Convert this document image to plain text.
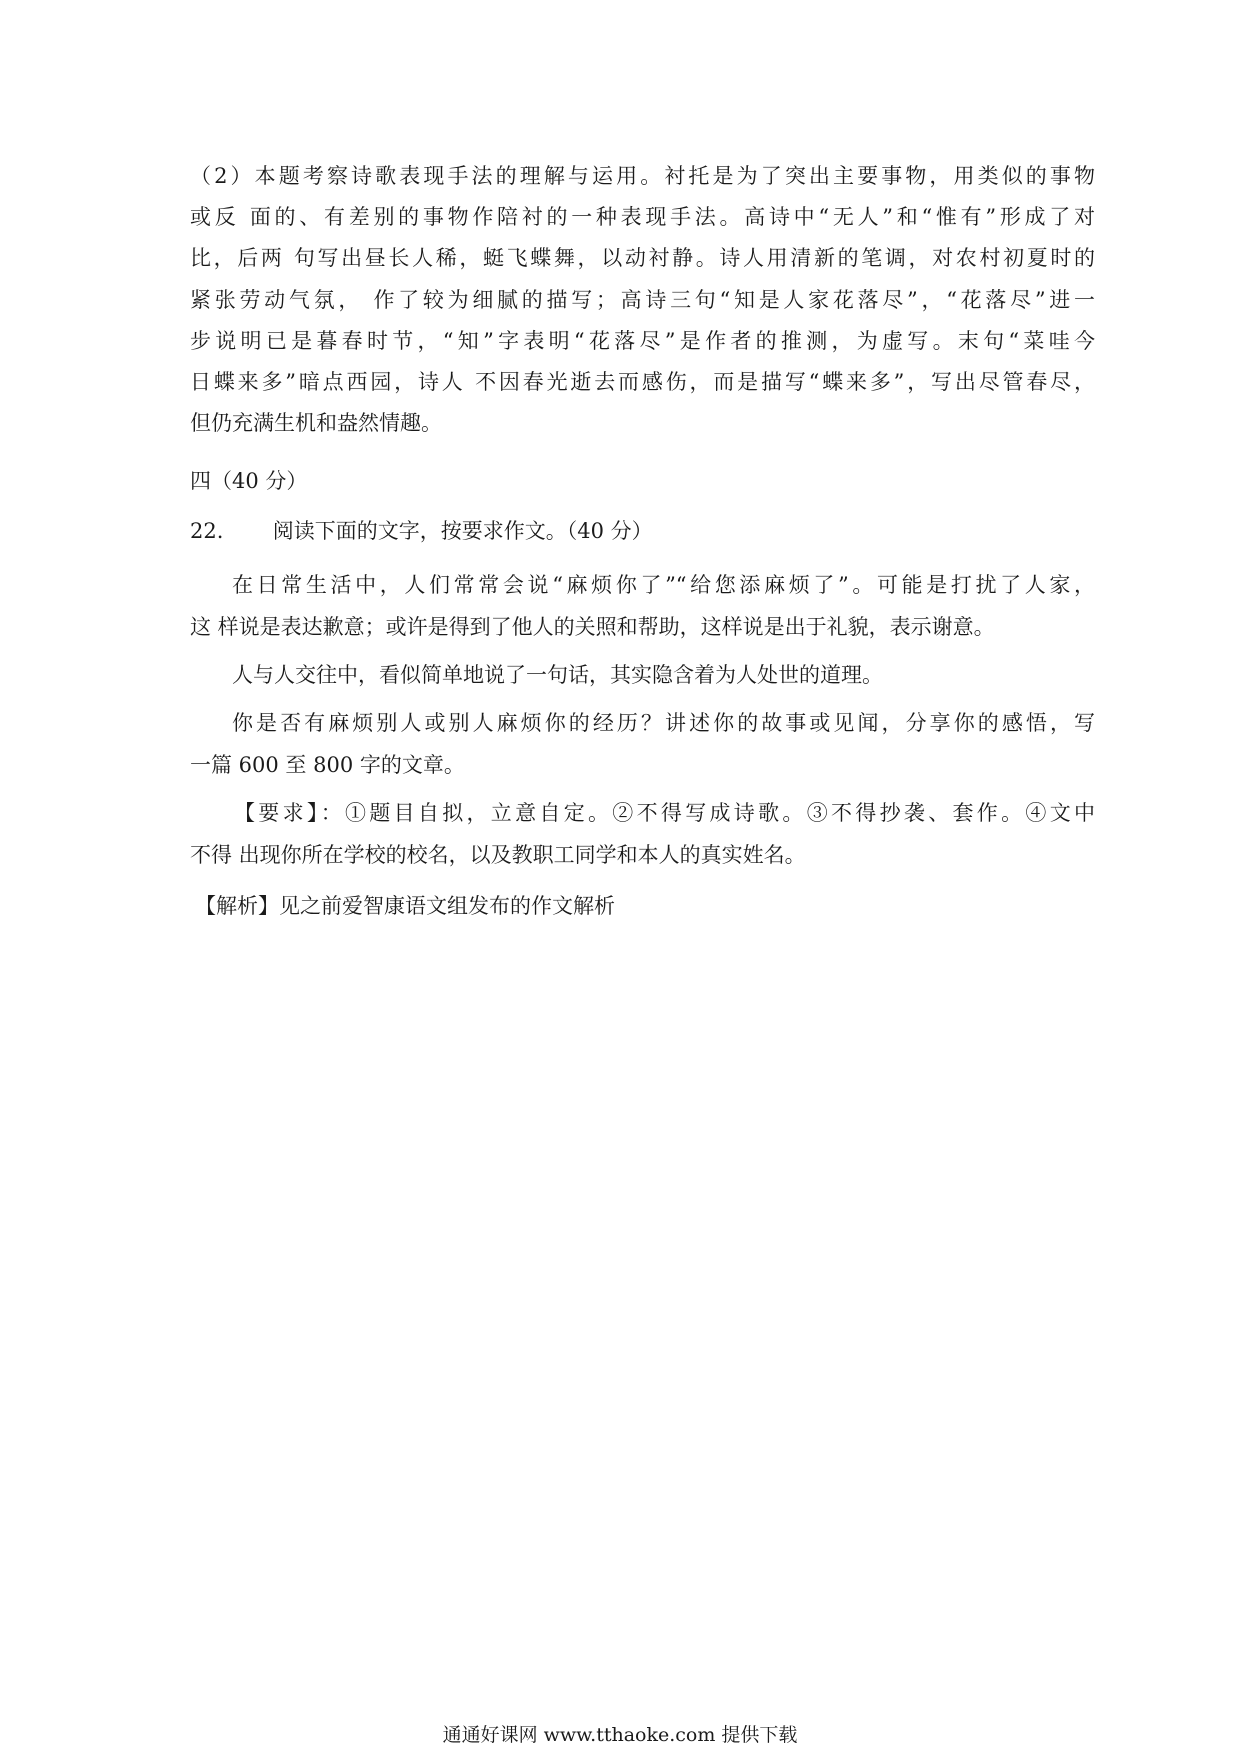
（2）本题考察诗歌表现手法的理解与运用。衬托是为了突出主要事物，用类似的事物
或反 面的、有差别的事物作陪衬的一种表现手法。高诗中“无人”和“惟有”形成了对
比，后两 句写出昼长人稀，蜓飞蝶舞，以动衬静。诗人用清新的笔调，对农村初夏时的
紧张劳动气氛， 作了较为细腻的描写；高诗三句“知是人家花落尽”，“花落尽”进一
步说明已是暮春时节，“知”字表明“花落尽”是作者的推测，为虚写。末句“菜哇今
日蝶来多”暗点西园，诗人 不因春光逝去而感伤，而是描写“蝶来多”，写出尽管春尽，
但仍充满生机和盎然情趣。
四（40 分）
22. 阅读下面的文字，按要求作文。（40 分）
在日常生活中，人们常常会说“麻烦你了”“给您添麻烦了”。可能是打扰了人家，
这 样说是表达歉意；或许是得到了他人的关照和帮助，这样说是出于礼貌，表示谢意。
人与人交往中，看似简单地说了一句话，其实隐含着为人处世的道理。
你是否有麻烦别人或别人麻烦你的经历？讲述你的故事或见闻，分享你的感悟，写
一篇 600 至 800 字的文章。
【要求】：①题目自拟，立意自定。②不得写成诗歌。③不得抄袭、套作。④文中
不得 出现你所在学校的校名，以及教职工同学和本人的真实姓名。
【解析】见之前爱智康语文组发布的作文解析
通通好课网 www.tthaoke.com 提供下载
